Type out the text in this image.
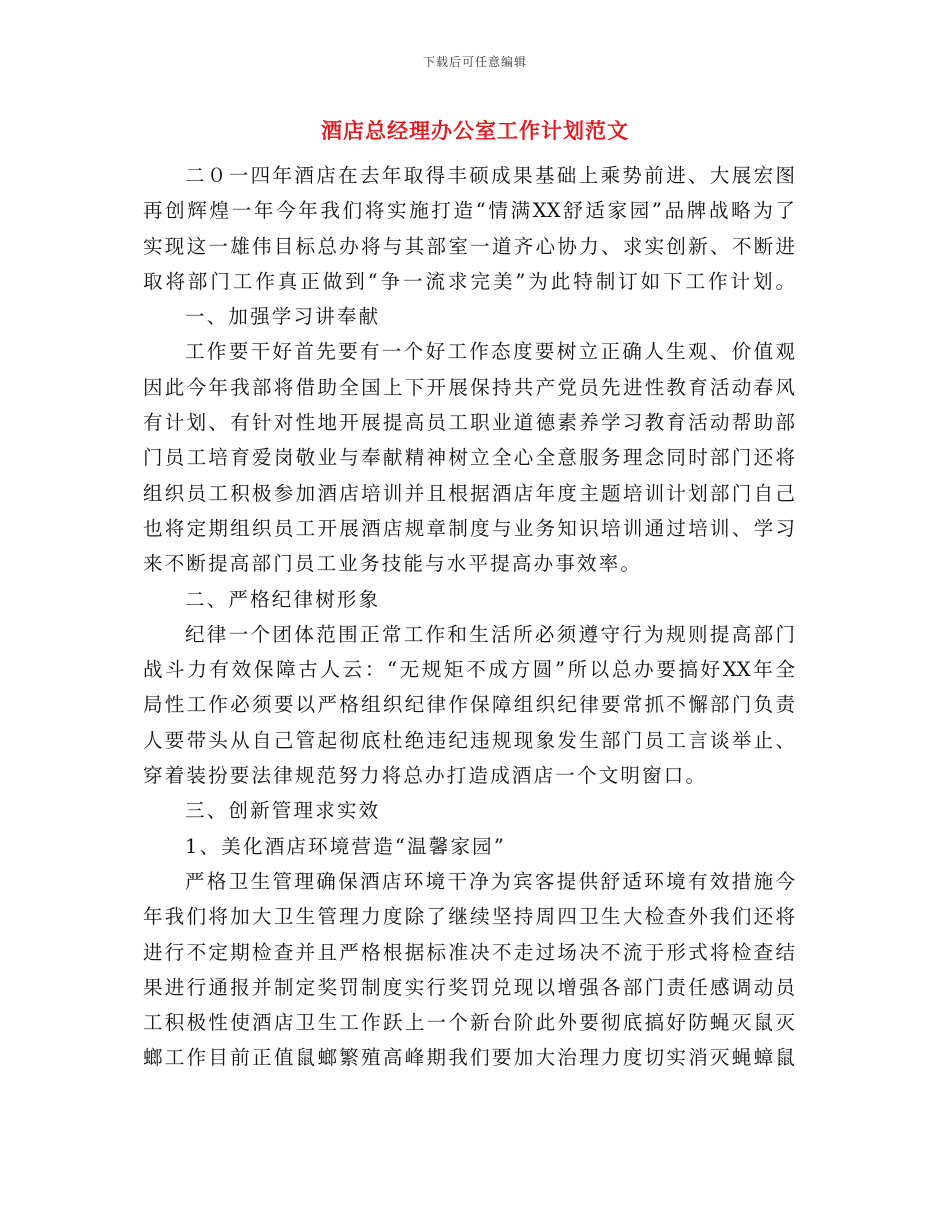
下载后可任意编辑
酒店总经理办公室工作计划范文
二０一四年酒店在去年取得丰硕成果基础上乘势前进、大展宏图
再创辉煌一年今年我们将实施打造“情满XX舒适家园”品牌战略为了
实现这一雄伟目标总办将与其部室一道齐心协力、求实创新、不断进
取将部门工作真正做到“争一流求完美”为此特制订如下工作计划。
一、加强学习讲奉献
工作要干好首先要有一个好工作态度要树立正确人生观、价值观
因此今年我部将借助全国上下开展保持共产党员先进性教育活动春风
有计划、有针对性地开展提高员工职业道德素养学习教育活动帮助部
门员工培育爱岗敬业与奉献精神树立全心全意服务理念同时部门还将
组织员工积极参加酒店培训并且根据酒店年度主题培训计划部门自己
也将定期组织员工开展酒店规章制度与业务知识培训通过培训、学习
来不断提高部门员工业务技能与水平提高办事效率。
二、严格纪律树形象
纪律一个团体范围正常工作和生活所必须遵守行为规则提高部门
战斗力有效保障古人云：“无规矩不成方圆”所以总办要搞好XX年全
局性工作必须要以严格组织纪律作保障组织纪律要常抓不懈部门负责
人要带头从自己管起彻底杜绝违纪违规现象发生部门员工言谈举止、
穿着装扮要法律规范努力将总办打造成酒店一个文明窗口。
三、创新管理求实效
1、美化酒店环境营造“温馨家园”
严格卫生管理确保酒店环境干净为宾客提供舒适环境有效措施今
年我们将加大卫生管理力度除了继续坚持周四卫生大检查外我们还将
进行不定期检查并且严格根据标准决不走过场决不流于形式将检查结
果进行通报并制定奖罚制度实行奖罚兑现以增强各部门责任感调动员
工积极性使酒店卫生工作跃上一个新台阶此外要彻底搞好防蝇灭鼠灭
螂工作目前正值鼠螂繁殖高峰期我们要加大治理力度切实消灭蝇蟑鼠
